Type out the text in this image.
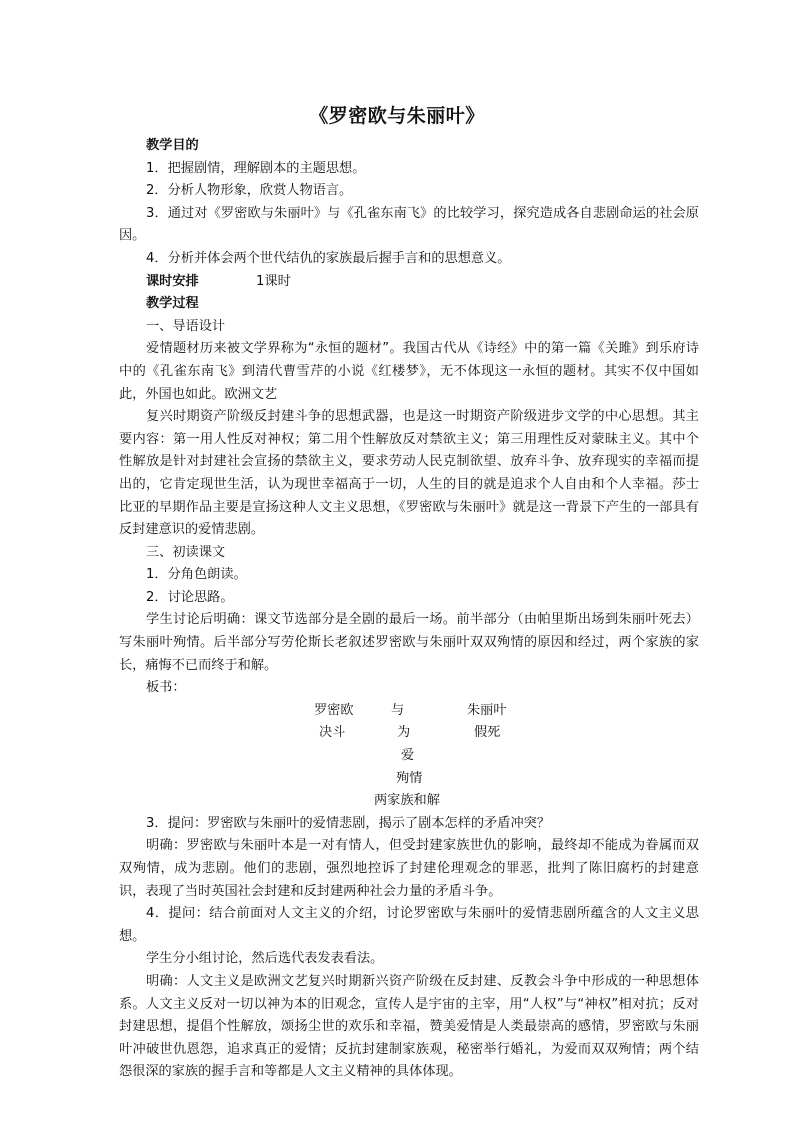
《罗密欧与朱丽叶》
教学目的
1．把握剧情，理解剧本的主题思想。
2．分析人物形象，欣赏人物语言。
3．通过对《罗密欧与朱丽叶》与《孔雀东南飞》的比较学习，探究造成各自悲剧命运的社会原因。
4．分析并体会两个世代结仇的家族最后握手言和的思想意义。
课时安排	1课时
教学过程
一、导语设计
爱情题材历来被文学界称为“永恒的题材”。我国古代从《诗经》中的第一篇《关雎》到乐府诗中的《孔雀东南飞》到清代曹雪芹的小说《红楼梦》，无不体现这一永恒的题材。其实不仅中国如此，外国也如此。欧洲文艺
复兴时期资产阶级反封建斗争的思想武器，也是这一时期资产阶级进步文学的中心思想。其主要内容：第一用人性反对神权；第二用个性解放反对禁欲主义；第三用理性反对蒙昧主义。其中个性解放是针对封建社会宣扬的禁欲主义，要求劳动人民克制欲望、放弃斗争、放弃现实的幸福而提出的，它肯定现世生活，认为现世幸福高于一切，人生的目的就是追求个人自由和个人幸福。莎士比亚的早期作品主要是宣扬这种人文主义思想，《罗密欧与朱丽叶》就是这一背景下产生的一部具有反封建意识的爱情悲剧。
三、初读课文
1．分角色朗读。
2．讨论思路。
学生讨论后明确：课文节选部分是全剧的最后一场。前半部分（由帕里斯出场到朱丽叶死去）写朱丽叶殉情。后半部分写劳伦斯长老叙述罗密欧与朱丽叶双双殉情的原因和经过，两个家族的家长，痛悔不已而终于和解。
板书：
罗密欧	与	朱丽叶
决斗	为	假死
爱
殉情
两家族和解
3．提问：罗密欧与朱丽叶的爱情悲剧，揭示了剧本怎样的矛盾冲突？
明确：罗密欧与朱丽叶本是一对有情人，但受封建家族世仇的影响，最终却不能成为眷属而双双殉情，成为悲剧。他们的悲剧，强烈地控诉了封建伦理观念的罪恶，批判了陈旧腐朽的封建意识，表现了当时英国社会封建和反封建两种社会力量的矛盾斗争。
4．提问：结合前面对人文主义的介绍，讨论罗密欧与朱丽叶的爱情悲剧所蕴含的人文主义思想。
学生分小组讨论，然后选代表发表看法。
明确：人文主义是欧洲文艺复兴时期新兴资产阶级在反封建、反教会斗争中形成的一种思想体系。人文主义反对一切以神为本的旧观念，宣传人是宇宙的主宰，用“人权”与“神权”相对抗；反对封建思想，提倡个性解放，颂扬尘世的欢乐和幸福，赞美爱情是人类最崇高的感情，罗密欧与朱丽叶冲破世仇恩怨，追求真正的爱情；反抗封建制家族观，秘密举行婚礼，为爱而双双殉情；两个结怨很深的家族的握手言和等都是人文主义精神的具体体现。
